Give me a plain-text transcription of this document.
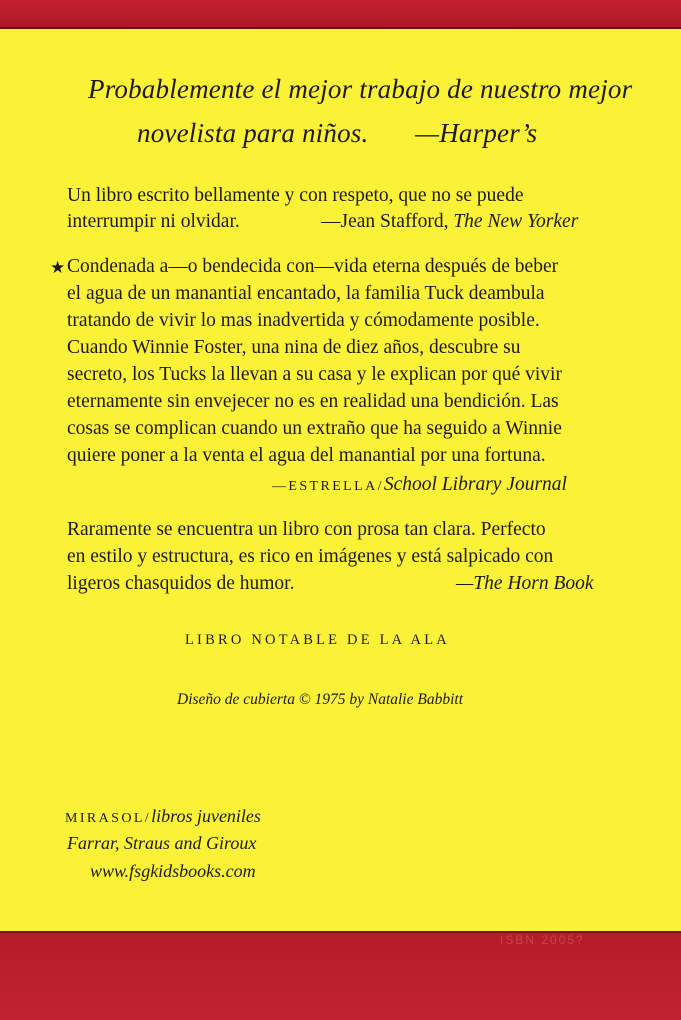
Probablemente el mejor trabajo de nuestro mejor
novelista para niños. —Harper’s
Un libro escrito bellamente y con respeto, que no se puede
interrumpir ni olvidar.	—Jean Stafford, The New Yorker
★ Condenada a—o bendecida con—vida eterna después de beber
el agua de un manantial encantado, la familia Tuck deambula
tratando de vivir lo mas inadvertida y cómodamente posible.
Cuando Winnie Foster, una nina de diez años, descubre su
secreto, los Tucks la llevan a su casa y le explican por qué vivir
eternamente sin envejecer no es en realidad una bendición. Las
cosas se complican cuando un extraño que ha seguido a Winnie
quiere poner a la venta el agua del manantial por una fortuna.
—ESTRELLA/School Library Journal
Raramente se encuentra un libro con prosa tan clara. Perfecto
en estilo y estructura, es rico en imágenes y está salpicado con
ligeros chasquidos de humor.	—The Horn Book
LIBRO NOTABLE DE LA ALA
Diseño de cubierta © 1975 by Natalie Babbitt
MIRASOL/libros juveniles
Farrar, Straus and Giroux
www.fsgkidsbooks.com
ISBN 2005?
